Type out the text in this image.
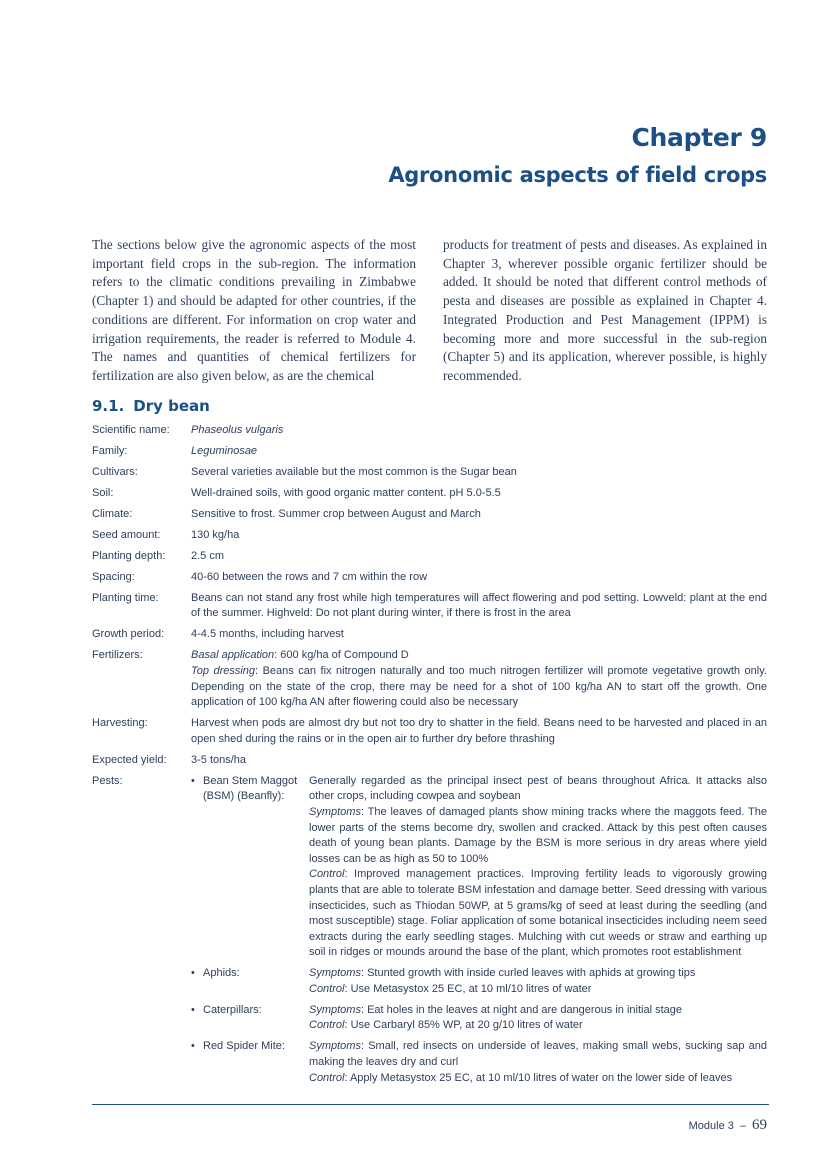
Chapter 9
Agronomic aspects of field crops

The sections below give the agronomic aspects of the most important field crops in the sub-region. The information refers to the climatic conditions prevailing in Zimbabwe (Chapter 1) and should be adapted for other countries, if the conditions are different. For information on crop water and irrigation requirements, the reader is referred to Module 4. The names and quantities of chemical fertilizers for fertilization are also given below, as are the chemical

products for treatment of pests and diseases. As explained in Chapter 3, wherever possible organic fertilizer should be added. It should be noted that different control methods of pesta and diseases are possible as explained in Chapter 4. Integrated Production and Pest Management (IPPM) is becoming more and more successful in the sub-region (Chapter 5) and its application, wherever possible, is highly recommended.

9.1. Dry bean
Scientific name:	Phaseolus vulgaris
Family:	Leguminosae
Cultivars:	Several varieties available but the most common is the Sugar bean
Soil:	Well-drained soils, with good organic matter content. pH 5.0-5.5
Climate:	Sensitive to frost. Summer crop between August and March
Seed amount:	130 kg/ha
Planting depth:	2.5 cm
Spacing:	40-60 between the rows and 7 cm within the row
Planting time:	Beans can not stand any frost while high temperatures will affect flowering and pod setting. Lowveld: plant at the end of the summer. Highveld: Do not plant during winter, if there is frost in the area
Growth period:	4-4.5 months, including harvest
Fertilizers:	Basal application: 600 kg/ha of Compound D
Top dressing: Beans can fix nitrogen naturally and too much nitrogen fertilizer will promote vegetative growth only. Depending on the state of the crop, there may be need for a shot of 100 kg/ha AN to start off the growth. One application of 100 kg/ha AN after flowering could also be necessary
Harvesting:	Harvest when pods are almost dry but not too dry to shatter in the field. Beans need to be harvested and placed in an open shed during the rains or in the open air to further dry before thrashing
Expected yield:	3-5 tons/ha
Pests:	• Bean Stem Maggot (BSM) (Beanfly):
Generally regarded as the principal insect pest of beans throughout Africa. It attacks also other crops, including cowpea and soybean
Symptoms: The leaves of damaged plants show mining tracks where the maggots feed. The lower parts of the stems become dry, swollen and cracked. Attack by this pest often causes death of young bean plants. Damage by the BSM is more serious in dry areas where yield losses can be as high as 50 to 100%
Control: Improved management practices. Improving fertility leads to vigorously growing plants that are able to tolerate BSM infestation and damage better. Seed dressing with various insecticides, such as Thiodan 50WP, at 5 grams/kg of seed at least during the seedling (and most susceptible) stage. Foliar application of some botanical insecticides including neem seed extracts during the early seedling stages. Mulching with cut weeds or straw and earthing up soil in ridges or mounds around the base of the plant, which promotes root establishment
• Aphids:	Symptoms: Stunted growth with inside curled leaves with aphids at growing tips
Control: Use Metasystox 25 EC, at 10 ml/10 litres of water
• Caterpillars:	Symptoms: Eat holes in the leaves at night and are dangerous in initial stage
Control: Use Carbaryl 85% WP, at 20 g/10 litres of water
• Red Spider Mite: Symptoms: Small, red insects on underside of leaves, making small webs, sucking sap and making the leaves dry and curl
Control: Apply Metasystox 25 EC, at 10 ml/10 litres of water on the lower side of leaves
Module 3 – 69
